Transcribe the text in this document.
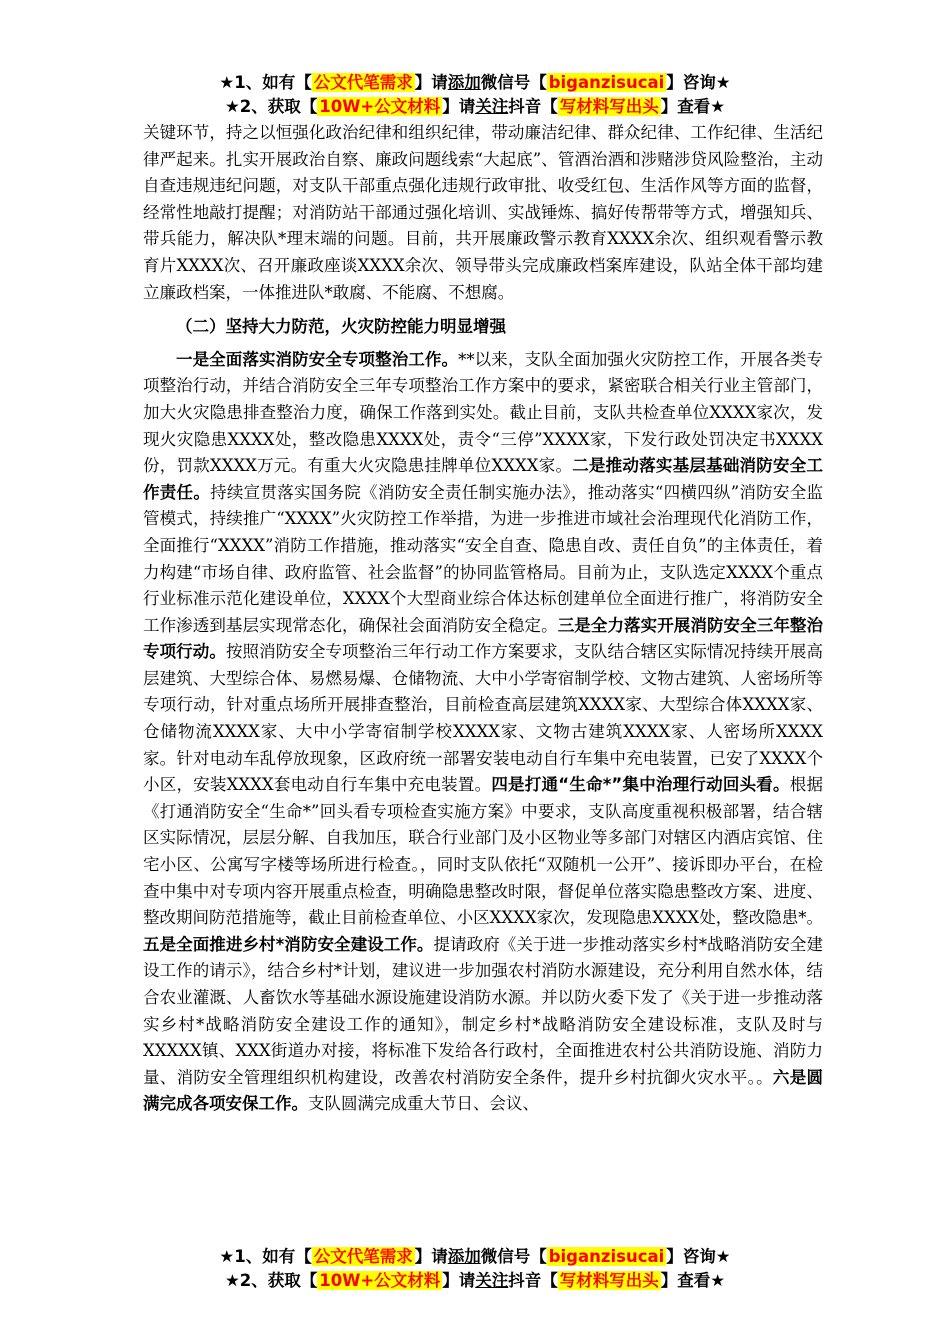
★1、如有【 公文代笔需求 】请添加微信号【 biganzisucai 】咨询★
★2、获取【 10W+公文材料 】请关注抖音【 写材料写出头 】查看★

关键环节，持之以恒强化政治纪律和组织纪律，带动廉洁纪律、群众纪律、工作纪律、生活纪律严起来。扎实开展政治自察、廉政问题线索“大起底”、管酒治酒和涉赌涉贷风险整治，主动自查违规违纪问题，对支队干部重点强化违规行政审批、收受红包、生活作风等方面的监督，经常性地敲打提醒；对消防站干部通过强化培训、实战锤炼、搞好传帮带等方式，增强知兵、带兵能力，解决队*理末端的问题。目前，共开展廉政警示教育XXXX余次、组织观看警示教育片XXXX次、召开廉政座谈XXXX余次、领导带头完成廉政档案库建设，队站全体干部均建立廉政档案，一体推进队*敢腐、不能腐、不想腐。

（二）坚持大力防范，火灾防控能力明显增强

一是全面落实消防安全专项整治工作。**以来，支队全面加强火灾防控工作，开展各类专项整治行动，并结合消防安全三年专项整治工作方案中的要求，紧密联合相关行业主管部门，加大火灾隐患排查整治力度，确保工作落到实处。截止目前，支队共检查单位XXXX家次，发现火灾隐患XXXX处，整改隐患XXXX处，责令“三停”XXXX家，下发行政处罚决定书XXXX份，罚款XXXX万元。有重大火灾隐患挂牌单位XXXX家。二是推动落实基层基础消防安全工作责任。持续宣贯落实国务院《消防安全责任制实施办法》，推动落实“四横四纵”消防安全监管模式，持续推广“XXXX”火灾防控工作举措，为进一步推进市域社会治理现代化消防工作，全面推行“XXXX”消防工作措施，推动落实“安全自查、隐患自改、责任自负”的主体责任，着力构建“市场自律、政府监管、社会监督”的协同监管格局。目前为止，支队选定XXXX个重点行业标准示范化建设单位，XXXX个大型商业综合体达标创建单位全面进行推广，将消防安全工作渗透到基层实现常态化，确保社会面消防安全稳定。三是全力落实开展消防安全三年整治专项行动。按照消防安全专项整治三年行动工作方案要求，支队结合辖区实际情况持续开展高层建筑、大型综合体、易燃易爆、仓储物流、大中小学寄宿制学校、文物古建筑、人密场所等专项行动，针对重点场所开展排查整治，目前检查高层建筑XXXX家、大型综合体XXXX家、仓储物流XXXX家、大中小学寄宿制学校XXXX家、文物古建筑XXXX家、人密场所XXXX家。针对电动车乱停放现象，区政府统一部署安装电动自行车集中充电装置，已安了XXXX个小区，安装XXXX套电动自行车集中充电装置。四是打通“生命*”集中治理行动回头看。根据《打通消防安全“生命*”回头看专项检查实施方案》中要求，支队高度重视积极部署，结合辖区实际情况，层层分解、自我加压，联合行业部门及小区物业等多部门对辖区内酒店宾馆、住宅小区、公寓写字楼等场所进行检查。，同时支队依托“双随机一公开”、接诉即办平台，在检查中集中对专项内容开展重点检查，明确隐患整改时限，督促单位落实隐患整改方案、进度、整改期间防范措施等，截止目前检查单位、小区XXXX家次，发现隐患XXXX处，整改隐患*。五是全面推进乡村*消防安全建设工作。提请政府《关于进一步推动落实乡村*战略消防安全建设工作的请示》，结合乡村*计划，建议进一步加强农村消防水源建设，充分利用自然水体，结合农业灌溉、人畜饮水等基础水源设施建设消防水源。并以防火委下发了《关于进一步推动落实乡村*战略消防安全建设工作的通知》，制定乡村*战略消防安全建设标准，支队及时与XXXXX镇、XXX街道办对接，将标准下发给各行政村，全面推进农村公共消防设施、消防力量、消防安全管理组织机构建设，改善农村消防安全条件，提升乡村抗御火灾水平。。六是圆满完成各项安保工作。支队圆满完成重大节日、会议、

★1、如有【 公文代笔需求 】请添加微信号【 biganzisucai 】咨询★
★2、获取【 10W+公文材料 】请关注抖音【 写材料写出头 】查看★
